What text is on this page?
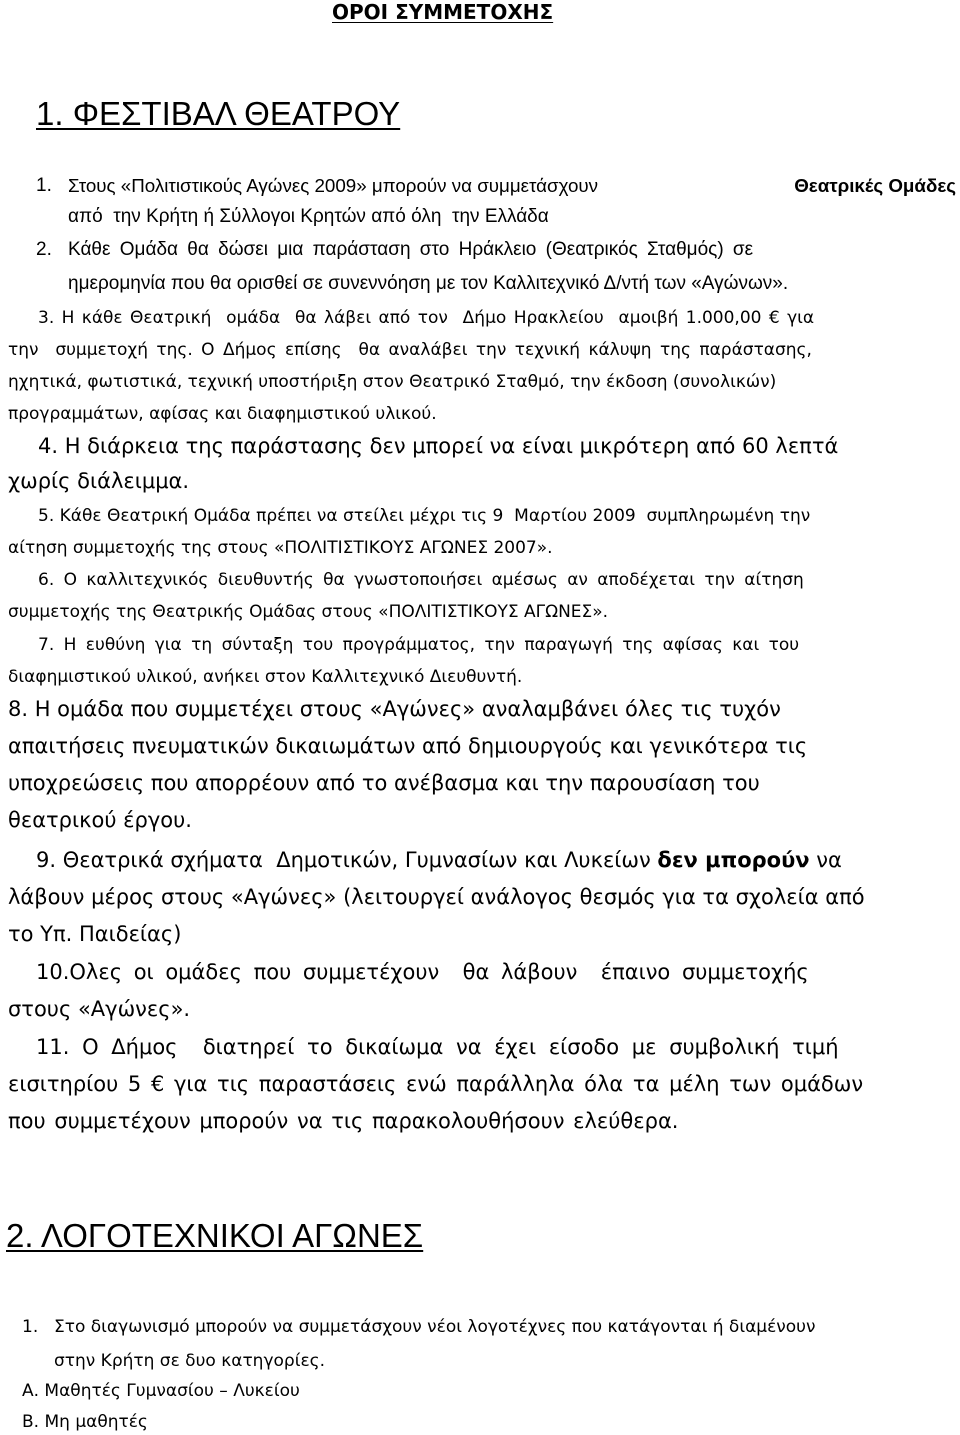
ΟΡΟΙ ΣΥΜΜΕΤΟΧΗΣ
1. ΦΕΣΤΙΒΑΛ ΘΕΑΤΡΟΥ
1. Στους «Πολιτιστικούς Αγώνες 2009» μπορούν να συμμετάσχουν	Θεατρικές Ομάδες
από  την Κρήτη ή Σύλλογοι Κρητών από όλη  την Ελλάδα
2. Κάθε Ομάδα θα δώσει μια παράσταση στο Ηράκλειο (Θεατρικός Σταθμός) σε
ημερομηνία που θα ορισθεί σε συνεννόηση με τον Καλλιτεχνικό Δ/ντή των «Αγώνων».
3. Η κάθε Θεατρική  ομάδα  θα λάβει από τον  Δήμο Ηρακλείου  αμοιβή 1.000,00 € για
την  συμμετοχή της. Ο Δήμος επίσης  θα αναλάβει την τεχνική κάλυψη της παράστασης,
ηχητικά, φωτιστικά, τεχνική υποστήριξη στον Θεατρικό Σταθμό, την έκδοση (συνολικών)
προγραμμάτων, αφίσας και διαφημιστικού υλικού.
4. Η διάρκεια της παράστασης δεν μπορεί να είναι μικρότερη από 60 λεπτά
χωρίς διάλειμμα.
5. Κάθε Θεατρική Ομάδα πρέπει να στείλει μέχρι τις 9  Μαρτίου 2009  συμπληρωμένη την
αίτηση συμμετοχής της στους «ΠΟΛΙΤΙΣΤΙΚΟΥΣ ΑΓΩΝΕΣ 2007».
6. Ο καλλιτεχνικός διευθυντής θα γνωστοποιήσει αμέσως αν αποδέχεται την αίτηση
συμμετοχής της Θεατρικής Ομάδας στους «ΠΟΛΙΤΙΣΤΙΚΟΥΣ ΑΓΩΝΕΣ».
7. Η ευθύνη για τη σύνταξη του προγράμματος, την παραγωγή της αφίσας και του
διαφημιστικού υλικού, ανήκει στον Καλλιτεχνικό Διευθυντή.
8. Η ομάδα που συμμετέχει στους «Αγώνες» αναλαμβάνει όλες τις τυχόν
απαιτήσεις πνευματικών δικαιωμάτων από δημιουργούς και γενικότερα τις
υποχρεώσεις που απορρέουν από το ανέβασμα και την παρουσίαση του
θεατρικού έργου.
9. Θεατρικά σχήματα  Δημοτικών, Γυμνασίων και Λυκείων δεν μπορούν να
λάβουν μέρος στους «Αγώνες» (λειτουργεί ανάλογος θεσμός για τα σχολεία από
το Υπ. Παιδείας)
10.Ολες οι ομάδες που συμμετέχουν  θα λάβουν  έπαινο συμμετοχής
στους «Αγώνες».
11. Ο Δήμος  διατηρεί το δικαίωμα να έχει είσοδο με συμβολική τιμή
εισιτηρίου 5 € για τις παραστάσεις ενώ παράλληλα όλα τα μέλη των ομάδων
που συμμετέχουν μπορούν να τις παρακολουθήσουν ελεύθερα.
2. ΛΟΓΟΤΕΧΝΙΚΟΙ ΑΓΩΝΕΣ
1. Στο διαγωνισμό μπορούν να συμμετάσχουν νέοι λογοτέχνες που κατάγονται ή διαμένουν
στην Κρήτη σε δυο κατηγορίες.
Α. Μαθητές Γυμνασίου – Λυκείου
Β. Μη μαθητές
